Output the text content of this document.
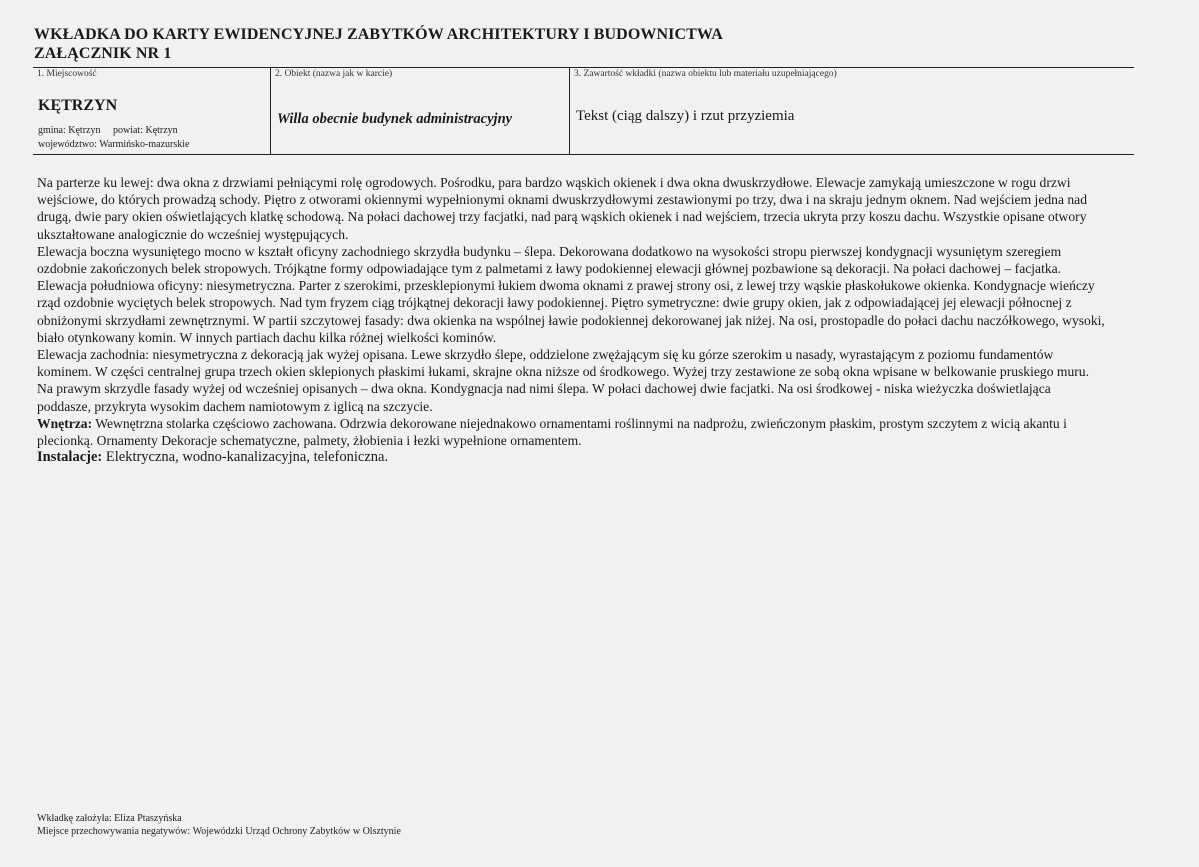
WKŁADKA DO KARTY EWIDENCYJNEJ ZABYTKÓW ARCHITEKTURY I BUDOWNICTWA
ZAŁĄCZNIK NR 1
1. Miejscowość
KĘTRZYN
gmina: Kętrzyn powiat: Kętrzyn
województwo: Warmińsko-mazurskie
2. Obiekt (nazwa jak w karcie)
Willa obecnie budynek administracyjny
3. Zawartość wkładki (nazwa obiektu lub materiału uzupełniającego)
Tekst (ciąg dalszy) i rzut przyziemia

Na parterze ku lewej: dwa okna z drzwiami pełniącymi rolę ogrodowych. Pośrodku, para bardzo wąskich okienek i dwa okna dwuskrzydłowe. Elewacje zamykają umieszczone w rogu drzwi wejściowe, do których prowadzą schody. Piętro z otworami okiennymi wypełnionymi oknami dwuskrzydłowymi zestawionymi po trzy, dwa i na skraju jednym oknem. Nad wejściem jedna nad drugą, dwie pary okien oświetlających klatkę schodową. Na połaci dachowej trzy facjatki, nad parą wąskich okienek i nad wejściem, trzecia ukryta przy koszu dachu. Wszystkie opisane otwory ukształtowane analogicznie do wcześniej występujących.

Elewacja boczna wysuniętego mocno w kształt oficyny zachodniego skrzydła budynku – ślepa. Dekorowana dodatkowo na wysokości stropu pierwszej kondygnacji wysuniętym szeregiem ozdobnie zakończonych belek stropowych. Trójkątne formy odpowiadające tym z palmetami z ławy podokiennej elewacji głównej pozbawione są dekoracji. Na połaci dachowej – facjatka.

Elewacja południowa oficyny: niesymetryczna. Parter z szerokimi, przesklepionymi łukiem dwoma oknami z prawej strony osi, z lewej trzy wąskie płaskołukowe okienka. Kondygnacje wieńczy rząd ozdobnie wyciętych belek stropowych. Nad tym fryzem ciąg trójkątnej dekoracji ławy podokiennej. Piętro symetryczne: dwie grupy okien, jak z odpowiadającej jej elewacji północnej z obniżonymi skrzydłami zewnętrznymi. W partii szczytowej fasady: dwa okienka na wspólnej ławie podokiennej dekorowanej jak niżej. Na osi, prostopadle do połaci dachu naczółkowego, wysoki, biało otynkowany komin. W innych partiach dachu kilka różnej wielkości kominów.

Elewacja zachodnia: niesymetryczna z dekoracją jak wyżej opisana. Lewe skrzydło ślepe, oddzielone zwężającym się ku górze szerokim u nasady, wyrastającym z poziomu fundamentów kominem. W części centralnej grupa trzech okien sklepionych płaskimi łukami, skrajne okna niższe od środkowego. Wyżej trzy zestawione ze sobą okna wpisane w belkowanie pruskiego muru. Na prawym skrzydle fasady wyżej od wcześniej opisanych – dwa okna. Kondygnacja nad nimi ślepa. W połaci dachowej dwie facjatki. Na osi środkowej - niska wieżyczka doświetlająca poddasze, przykryta wysokim dachem namiotowym z iglicą na szczycie.

Wnętrza: Wewnętrzna stolarka częściowo zachowana. Odrzwia dekorowane niejednakowo ornamentami roślinnymi na nadprożu, zwieńczonym płaskim, prostym szczytem z wicią akantu i plecionką. Ornamenty Dekoracje schematyczne, palmety, żłobienia i łezki wypełnione ornamentem.

Instalacje: Elektryczna, wodno-kanalizacyjna, telefoniczna.

Wkładkę założyła: Eliza Ptaszyńska
Miejsce przechowywania negatywów: Wojewódzki Urząd Ochrony Zabytków w Olsztynie
